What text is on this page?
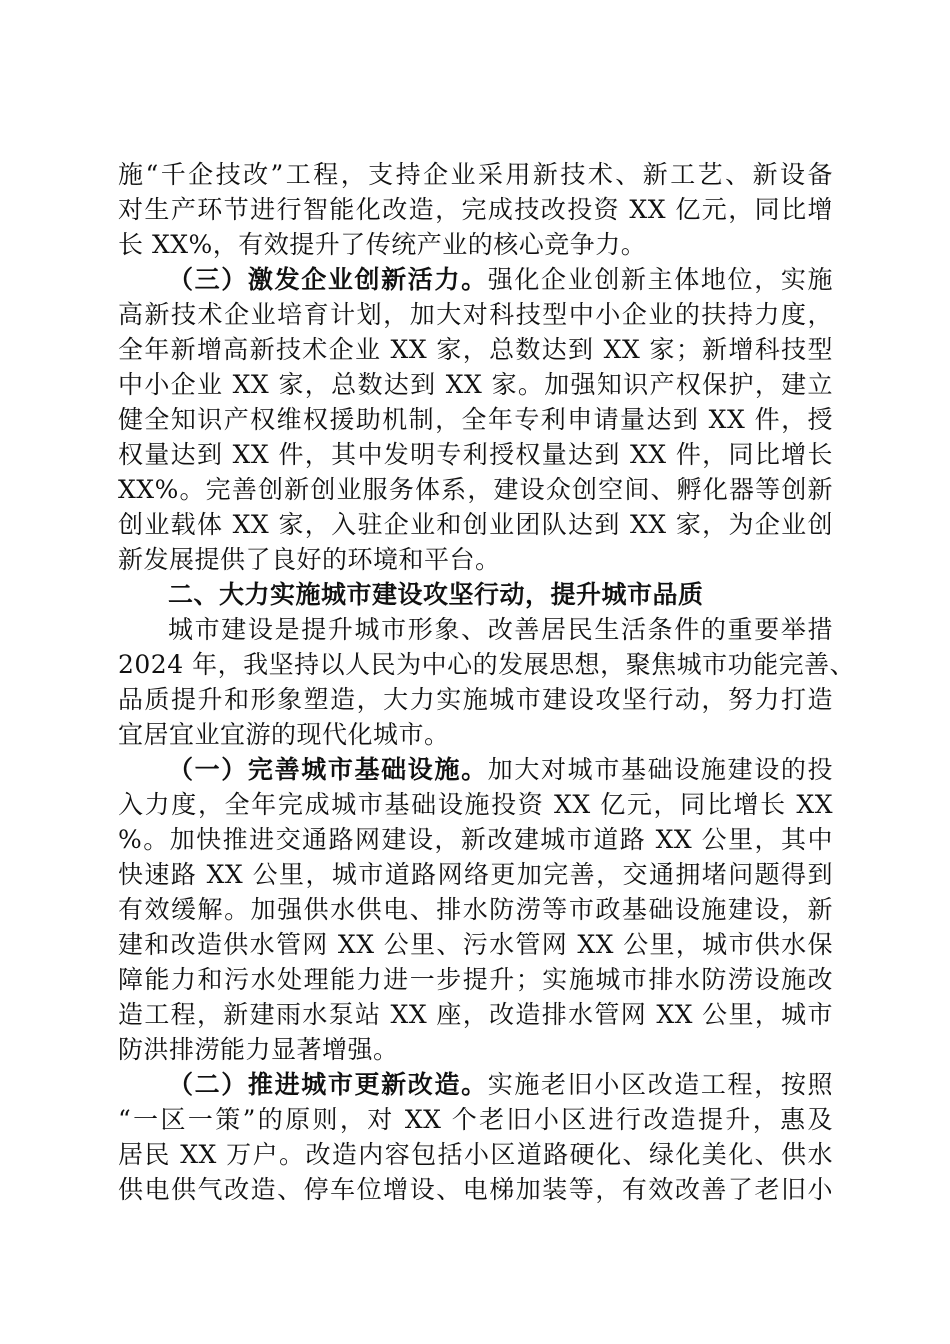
施“千企技改”工程，支持企业采用新技术、新工艺、新设备
对生产环节进行智能化改造，完成技改投资 XX 亿元，同比增
长 XX%，有效提升了传统产业的核心竞争力。
（三）激发企业创新活力。强化企业创新主体地位，实施
高新技术企业培育计划，加大对科技型中小企业的扶持力度，
全年新增高新技术企业 XX 家，总数达到 XX 家；新增科技型
中小企业 XX 家，总数达到 XX 家。加强知识产权保护，建立
健全知识产权维权援助机制，全年专利申请量达到 XX 件，授
权量达到 XX 件，其中发明专利授权量达到 XX 件，同比增长
XX%。完善创新创业服务体系，建设众创空间、孵化器等创新
创业载体 XX 家，入驻企业和创业团队达到 XX 家，为企业创
新发展提供了良好的环境和平台。
二、大力实施城市建设攻坚行动，提升城市品质
城市建设是提升城市形象、改善居民生活条件的重要举措
2024 年，我坚持以人民为中心的发展思想，聚焦城市功能完善、
品质提升和形象塑造，大力实施城市建设攻坚行动，努力打造
宜居宜业宜游的现代化城市。
（一）完善城市基础设施。加大对城市基础设施建设的投
入力度，全年完成城市基础设施投资 XX 亿元，同比增长 XX
%。加快推进交通路网建设，新改建城市道路 XX 公里，其中
快速路 XX 公里，城市道路网络更加完善，交通拥堵问题得到
有效缓解。加强供水供电、排水防涝等市政基础设施建设，新
建和改造供水管网 XX 公里、污水管网 XX 公里，城市供水保
障能力和污水处理能力进一步提升；实施城市排水防涝设施改
造工程，新建雨水泵站 XX 座，改造排水管网 XX 公里，城市
防洪排涝能力显著增强。
（二）推进城市更新改造。实施老旧小区改造工程，按照
“一区一策”的原则，对 XX 个老旧小区进行改造提升，惠及
居民 XX 万户。改造内容包括小区道路硬化、绿化美化、供水
供电供气改造、停车位增设、电梯加装等，有效改善了老旧小
